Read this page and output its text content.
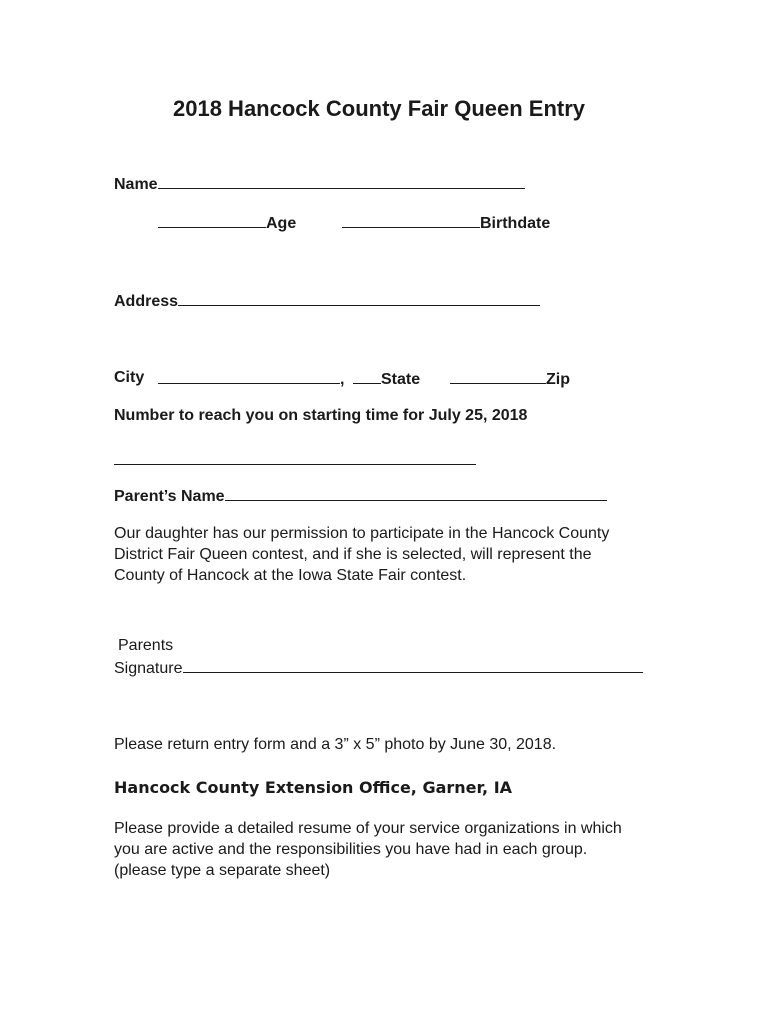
2018 Hancock County Fair Queen Entry
Name
Age	Birthdate
Address
City	,	State	Zip
Number to reach you on starting time for July 25, 2018
Parent’s Name
Our daughter has our permission to participate in the Hancock County District Fair Queen contest, and if she is selected, will represent the County of Hancock at the Iowa State Fair contest.
Parents
Signature
Please return entry form and a 3” x 5” photo by June 30, 2018.
Hancock County Extension Office, Garner, IA
Please provide a detailed resume of your service organizations in which you are active and the responsibilities you have had in each group. (please type a separate sheet)
